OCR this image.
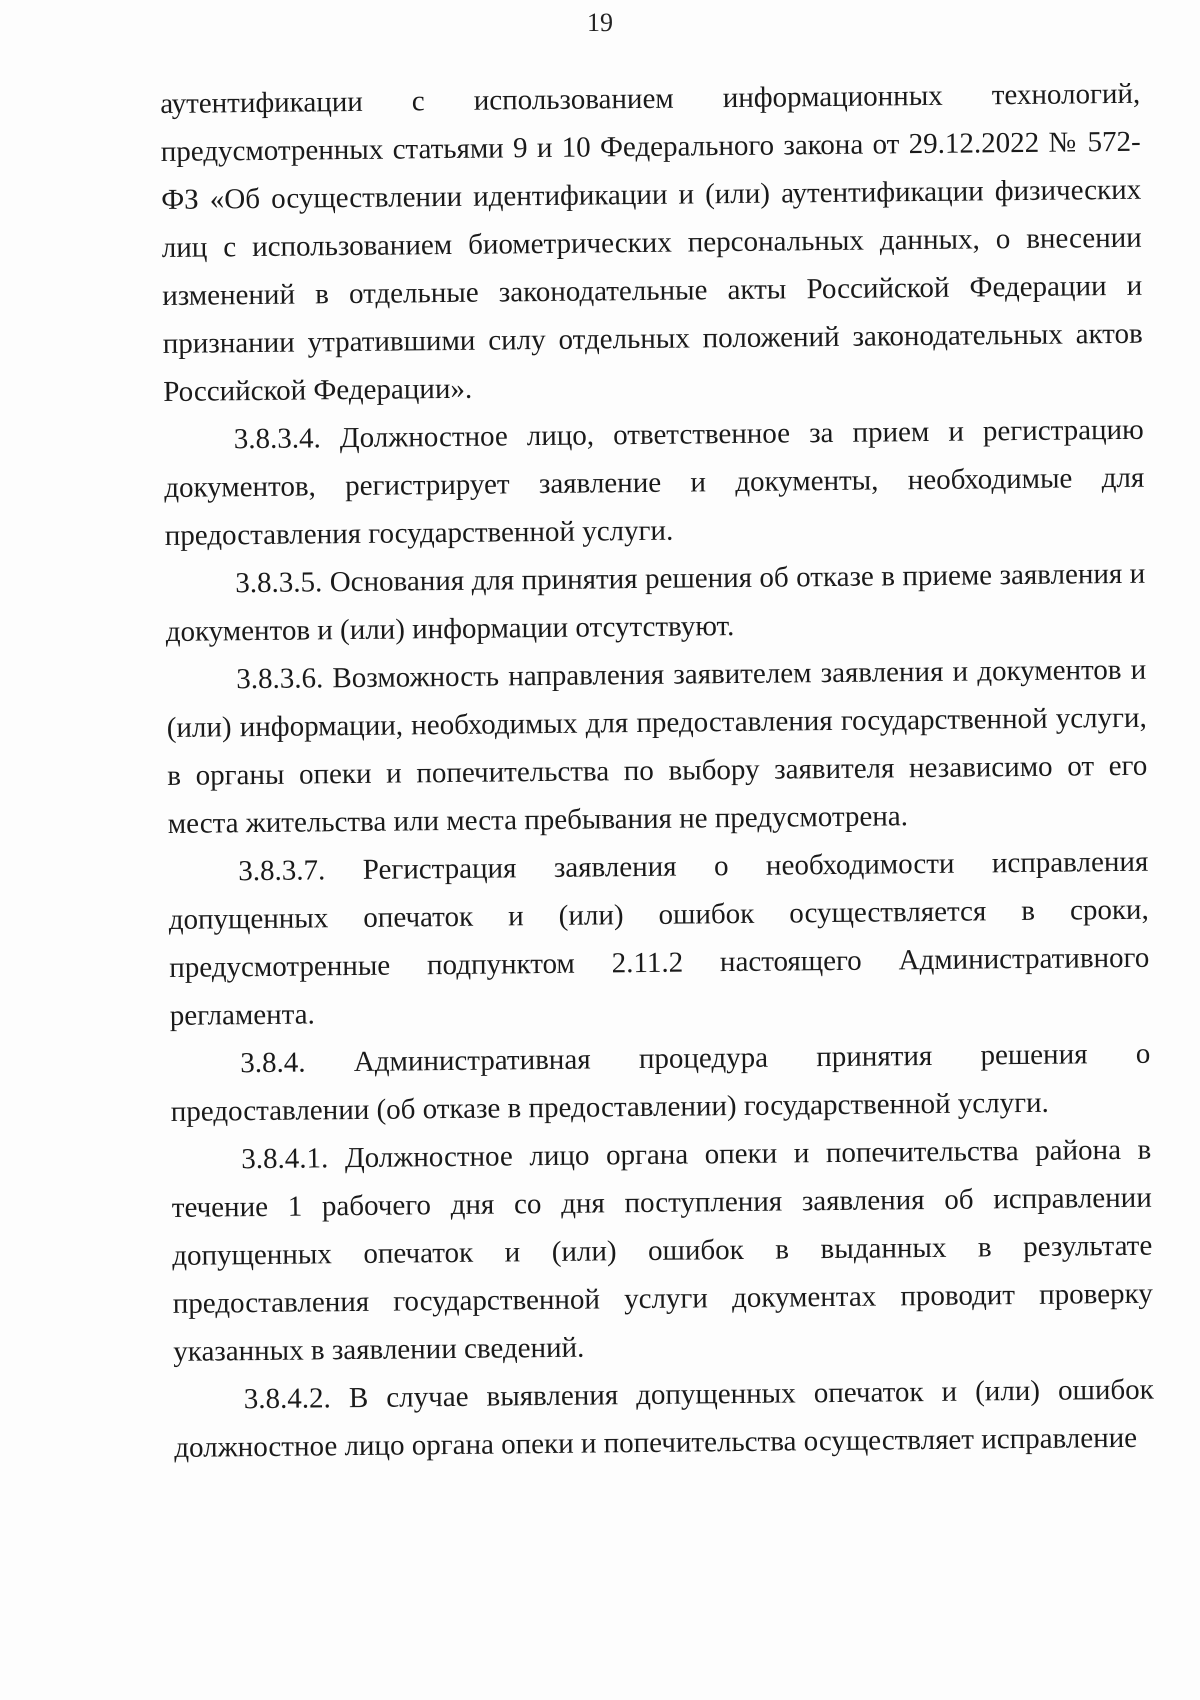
19

аутентификации с использованием информационных технологий, предусмотренных статьями 9 и 10 Федерального закона от 29.12.2022 № 572-ФЗ «Об осуществлении идентификации и (или) аутентификации физических лиц с использованием биометрических персональных данных, о внесении изменений в отдельные законодательные акты Российской Федерации и признании утратившими силу отдельных положений законодательных актов Российской Федерации».

3.8.3.4. Должностное лицо, ответственное за прием и регистрацию документов, регистрирует заявление и документы, необходимые для предоставления государственной услуги.

3.8.3.5. Основания для принятия решения об отказе в приеме заявления и документов и (или) информации отсутствуют.

3.8.3.6. Возможность направления заявителем заявления и документов и (или) информации, необходимых для предоставления государственной услуги, в органы опеки и попечительства по выбору заявителя независимо от его места жительства или места пребывания не предусмотрена.

3.8.3.7. Регистрация заявления о необходимости исправления допущенных опечаток и (или) ошибок осуществляется в сроки, предусмотренные подпунктом 2.11.2 настоящего Административного регламента.

3.8.4. Административная процедура принятия решения о предоставлении (об отказе в предоставлении) государственной услуги.

3.8.4.1. Должностное лицо органа опеки и попечительства района в течение 1 рабочего дня со дня поступления заявления об исправлении допущенных опечаток и (или) ошибок в выданных в результате предоставления государственной услуги документах проводит проверку указанных в заявлении сведений.

3.8.4.2. В случае выявления допущенных опечаток и (или) ошибок должностное лицо органа опеки и попечительства осуществляет исправление
